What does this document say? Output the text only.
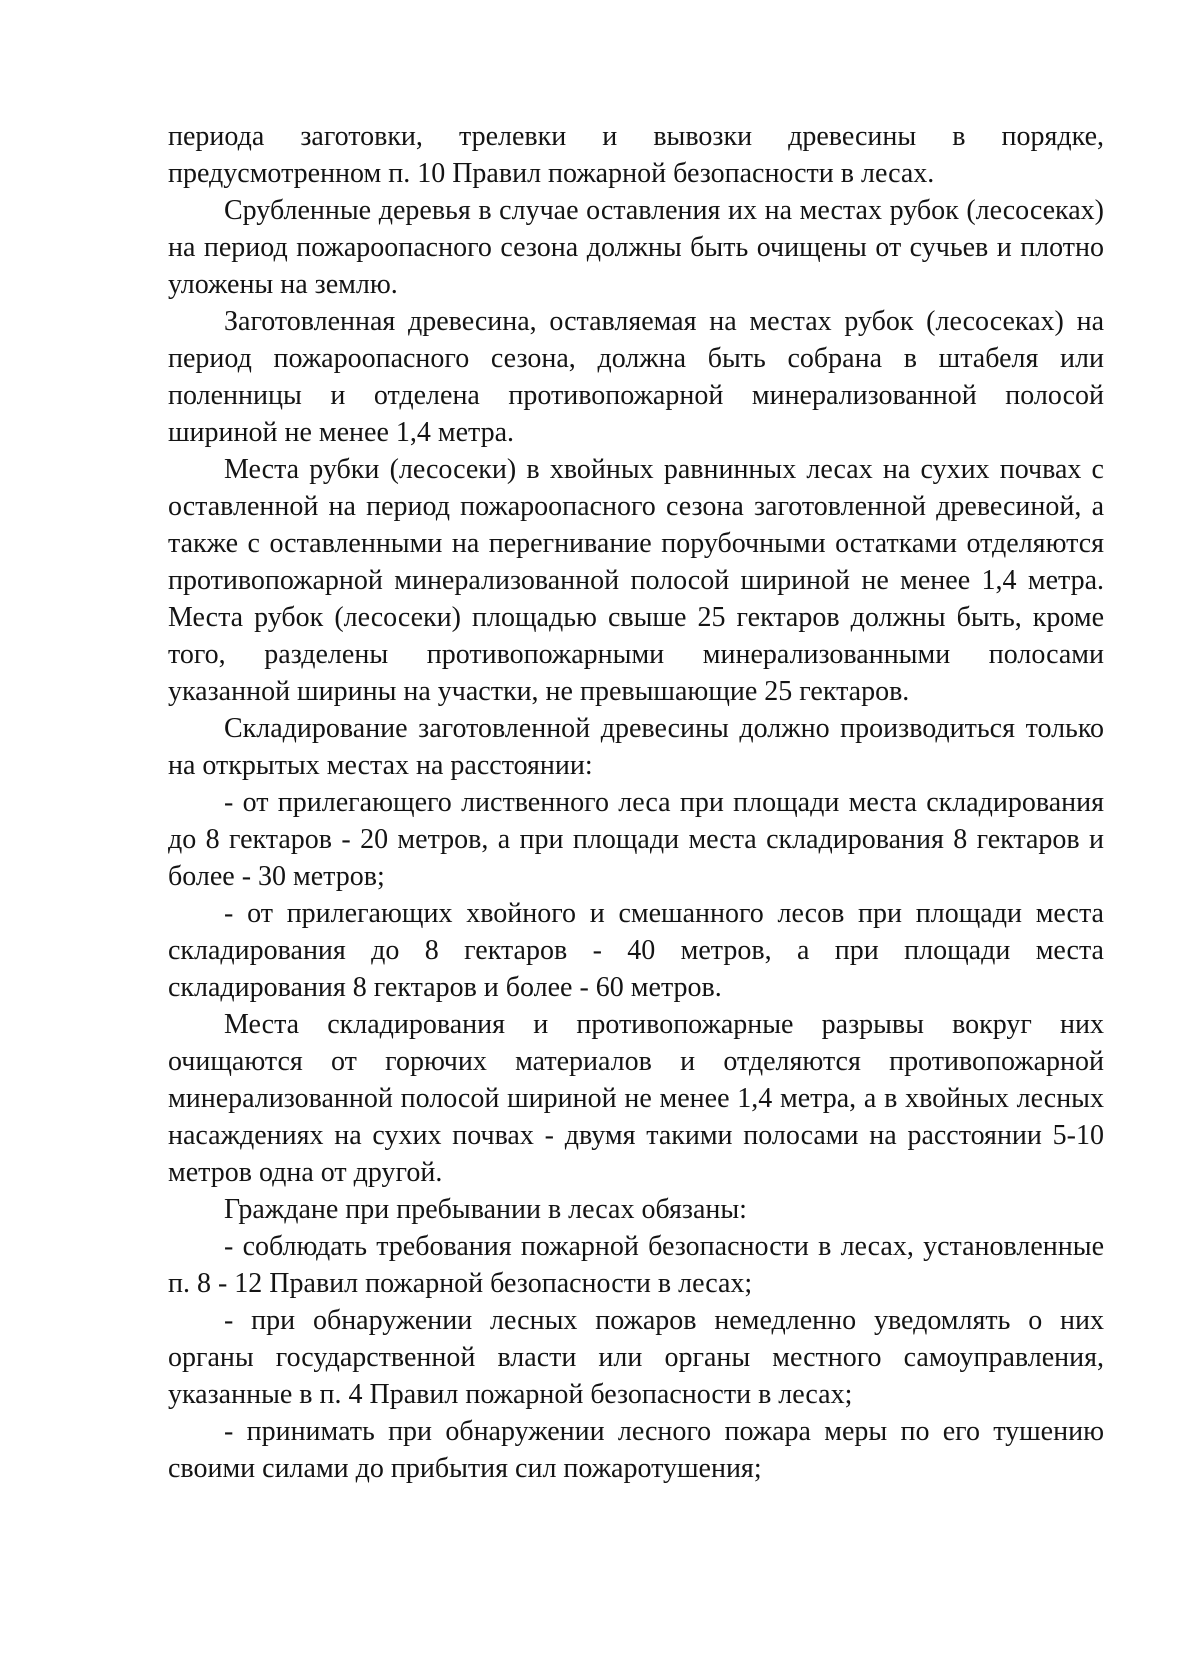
периода заготовки, трелевки и вывозки древесины в порядке, предусмотренном п. 10 Правил пожарной безопасности в лесах.

Срубленные деревья в случае оставления их на местах рубок (лесосеках) на период пожароопасного сезона должны быть очищены от сучьев и плотно уложены на землю.

Заготовленная древесина, оставляемая на местах рубок (лесосеках) на период пожароопасного сезона, должна быть собрана в штабеля или поленницы и отделена противопожарной минерализованной полосой шириной не менее 1,4 метра.

Места рубки (лесосеки) в хвойных равнинных лесах на сухих почвах с оставленной на период пожароопасного сезона заготовленной древесиной, а также с оставленными на перегнивание порубочными остатками отделяются противопожарной минерализованной полосой шириной не менее 1,4 метра. Места рубок (лесосеки) площадью свыше 25 гектаров должны быть, кроме того, разделены противопожарными минерализованными полосами указанной ширины на участки, не превышающие 25 гектаров.

Складирование заготовленной древесины должно производиться только на открытых местах на расстоянии:

- от прилегающего лиственного леса при площади места складирования до 8 гектаров - 20 метров, а при площади места складирования 8 гектаров и более - 30 метров;

- от прилегающих хвойного и смешанного лесов при площади места складирования до 8 гектаров - 40 метров, а при площади места складирования 8 гектаров и более - 60 метров.

Места складирования и противопожарные разрывы вокруг них очищаются от горючих материалов и отделяются противопожарной минерализованной полосой шириной не менее 1,4 метра, а в хвойных лесных насаждениях на сухих почвах - двумя такими полосами на расстоянии 5-10 метров одна от другой.

Граждане при пребывании в лесах обязаны:

- соблюдать требования пожарной безопасности в лесах, установленные п. 8 - 12 Правил пожарной безопасности в лесах;

- при обнаружении лесных пожаров немедленно уведомлять о них органы государственной власти или органы местного самоуправления, указанные в п. 4 Правил пожарной безопасности в лесах;

- принимать при обнаружении лесного пожара меры по его тушению своими силами до прибытия сил пожаротушения;
